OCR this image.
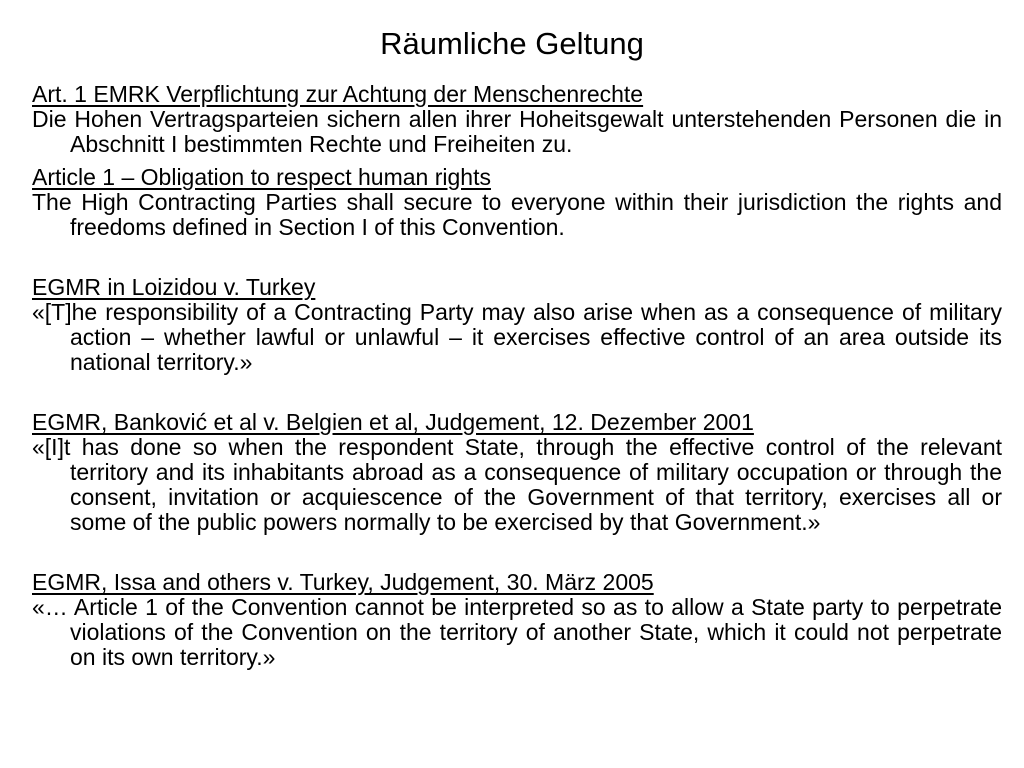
Räumliche Geltung
Art. 1 EMRK Verpflichtung zur Achtung der Menschenrechte

Die Hohen Vertragsparteien sichern allen ihrer Hoheitsgewalt unterstehenden Personen die in Abschnitt I bestimmten Rechte und Freiheiten zu.

Article 1 – Obligation to respect human rights

The High Contracting Parties shall secure to everyone within their jurisdiction the rights and freedoms defined in Section I of this Convention.

EGMR in Loizidou v. Turkey

«[T]he responsibility of a Contracting Party may also arise when as a consequence of military action – whether lawful or unlawful – it exercises effective control of an area outside its national territory.»

EGMR, Banković et al v. Belgien et al, Judgement, 12. Dezember 2001

«[I]t has done so when the respondent State, through the effective control of the relevant territory and its inhabitants abroad as a consequence of military occupation or through the consent, invitation or acquiescence of the Government of that territory, exercises all or some of the public powers normally to be exercised by that Government.»

EGMR, Issa and others v. Turkey, Judgement, 30. März 2005

«… Article 1 of the Convention cannot be interpreted so as to allow a State party to perpetrate violations of the Convention on the territory of another State, which it could not perpetrate on its own territory.»
